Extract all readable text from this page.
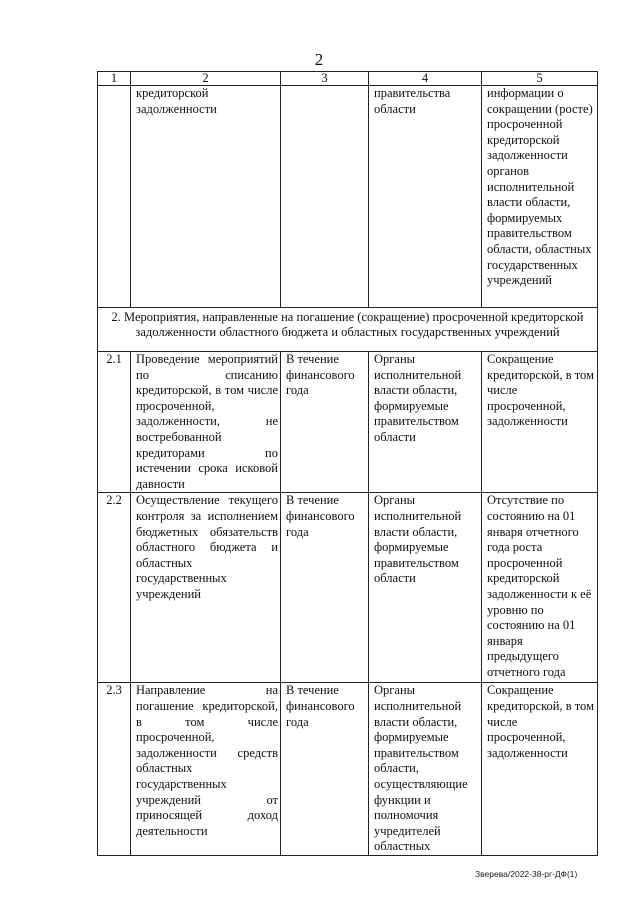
2
1	2	3	4	5
	кредиторской задолженности		правительства области	информации о сокращении (росте) просроченной кредиторской задолженности органов исполнительной власти области, формируемых правительством области, областных государственных учреждений
2. Мероприятия, направленные на погашение (сокращение) просроченной кредиторской задолженности областного бюджета и областных государственных учреждений				
2.1	Проведение мероприятий по списанию кредиторской, в том числе просроченной, задолженности, не востребованной кредиторами по истечении срока исковой давности	В течение финансового года	Органы исполнительной власти области, формируемые правительством области	Сокращение кредиторской, в том числе просроченной, задолженности
2.2	Осуществление текущего контроля за исполнением бюджетных обязательств областного бюджета и областных государственных учреждений	В течение финансового года	Органы исполнительной власти области, формируемые правительством области	Отсутствие по состоянию на 01 января отчетного года роста просроченной кредиторской задолженности к её уровню по состоянию на 01 января предыдущего отчетного года
2.3	Направление на погашение кредиторской, в том числе просроченной, задолженности средств областных государственных учреждений от приносящей доход деятельности	В течение финансового года	Органы исполнительной власти области, формируемые правительством области, осуществляющие функции и полномочия учредителей областных	Сокращение кредиторской, в том числе просроченной, задолженности
Зверева/2022-38-рг-ДФ(1)
